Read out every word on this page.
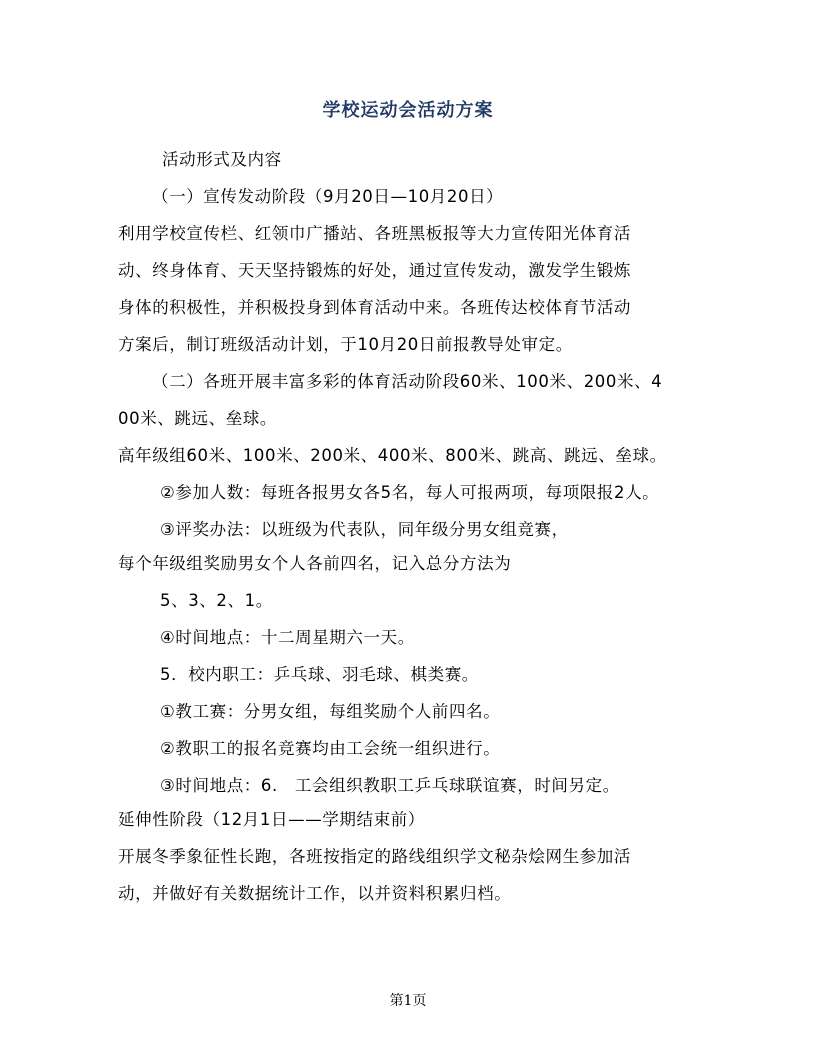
学校运动会活动方案
活动形式及内容
（一）宣传发动阶段（9月20日—10月20日）
利用学校宣传栏、红领巾广播站、各班黑板报等大力宣传阳光体育活
动、终身体育、天天坚持锻炼的好处，通过宣传发动，激发学生锻炼
身体的积极性，并积极投身到体育活动中来。各班传达校体育节活动
方案后，制订班级活动计划，于10月20日前报教导处审定。
（二）各班开展丰富多彩的体育活动阶段60米、100米、200米、4
00米、跳远、垒球。
高年级组60米、100米、200米、400米、800米、跳高、跳远、垒球。
②参加人数：每班各报男女各5名，每人可报两项，每项限报2人。
③评奖办法：以班级为代表队，同年级分男女组竞赛，
每个年级组奖励男女个人各前四名，记入总分方法为
5、3、2、1。
④时间地点：十二周星期六一天。
5．校内职工：乒乓球、羽毛球、棋类赛。
①教工赛：分男女组，每组奖励个人前四名。
②教职工的报名竞赛均由工会统一组织进行。
③时间地点：6.　工会组织教职工乒乓球联谊赛，时间另定。
延伸性阶段（12月1日——学期结束前）
开展冬季象征性长跑，各班按指定的路线组织学文秘杂烩网生参加活
动，并做好有关数据统计工作，以并资料积累归档。
第1页
